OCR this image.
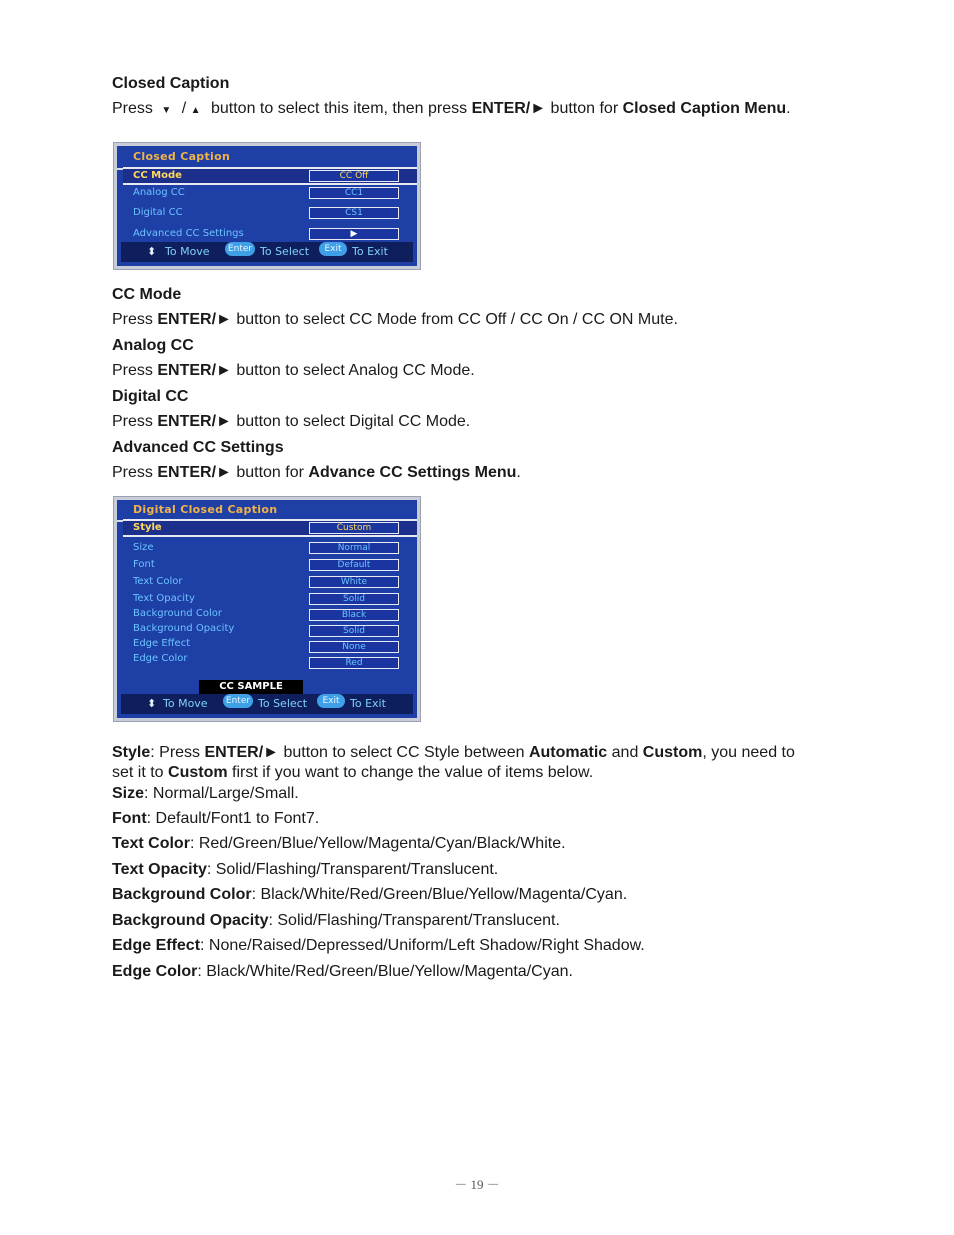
Closed Caption
Press ▼ / ▲ button to select this item, then press ENTER/► button for Closed Caption Menu.
Closed Caption
CC Mode	CC Off
Analog CC	CC1
Digital CC	CS1
Advanced CC Settings	▶
⬍ To Move	Enter To Select	Exit To Exit
CC Mode
Press ENTER/► button to select CC Mode from CC Off / CC On / CC ON Mute.
Analog CC
Press ENTER/► button to select Analog CC Mode.
Digital CC
Press ENTER/► button to select Digital CC Mode.
Advanced CC Settings
Press ENTER/► button for Advance CC Settings Menu.
Digital Closed Caption
Style	Custom
Size	Normal
Font	Default
Text Color	White
Text Opacity	Solid
Background Color	Black
Background Opacity	Solid
Edge Effect	None
Edge Color	Red
CC SAMPLE
⬍ To Move	Enter To Select	Exit To Exit
Style: Press ENTER/► button to select CC Style between Automatic and Custom, you need to
set it to Custom first if you want to change the value of items below.
Size: Normal/Large/Small.
Font: Default/Font1 to Font7.
Text Color: Red/Green/Blue/Yellow/Magenta/Cyan/Black/White.
Text Opacity: Solid/Flashing/Transparent/Translucent.
Background Color: Black/White/Red/Green/Blue/Yellow/Magenta/Cyan.
Background Opacity: Solid/Flashing/Transparent/Translucent.
Edge Effect: None/Raised/Depressed/Uniform/Left Shadow/Right Shadow.
Edge Color: Black/White/Red/Green/Blue/Yellow/Magenta/Cyan.
－ 19 －
